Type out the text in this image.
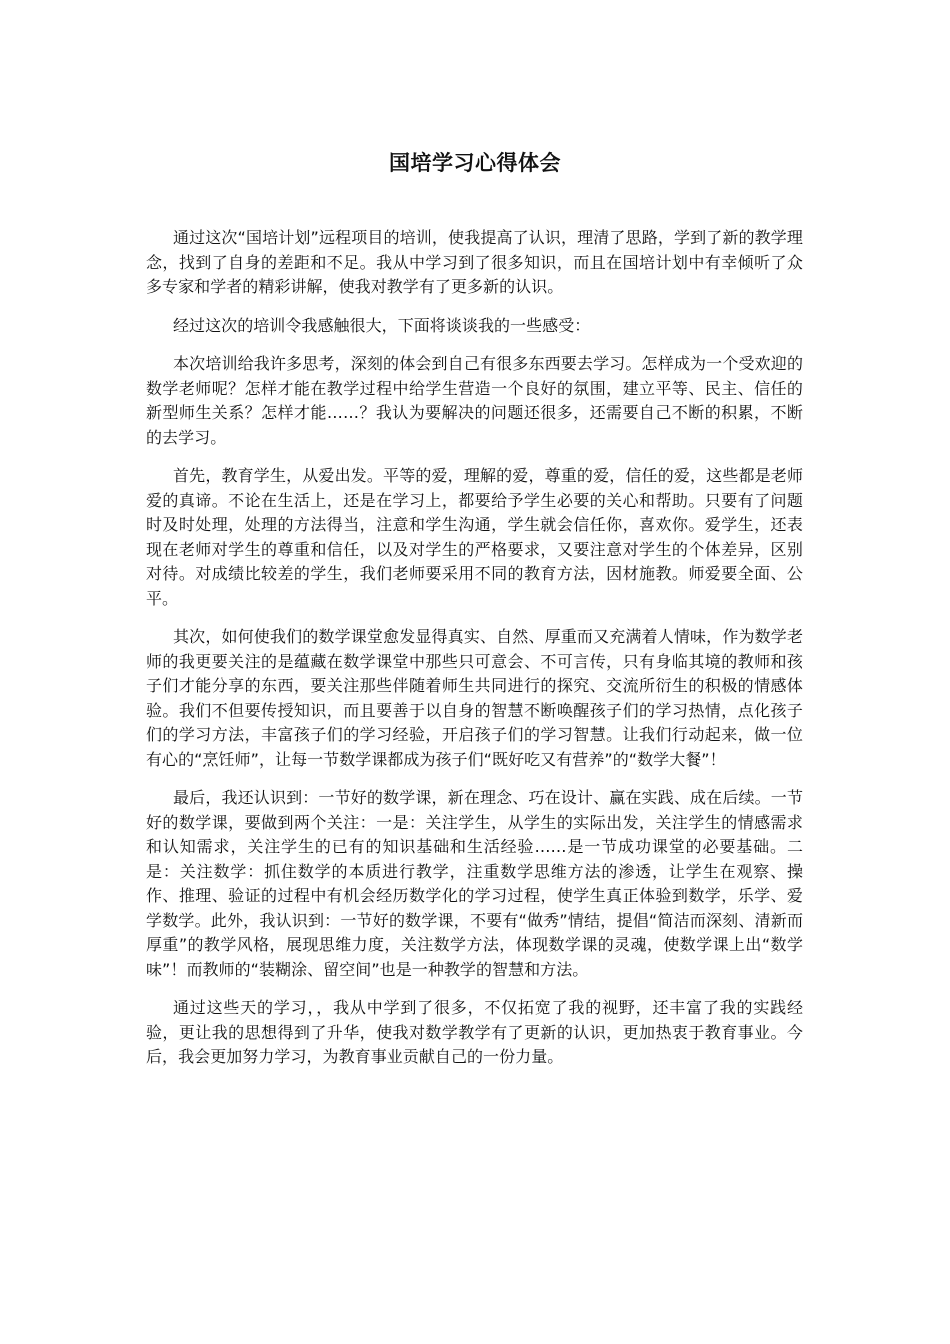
国培学习心得体会

通过这次“国培计划”远程项目的培训，使我提高了认识，理清了思路，学到了新的教学理念，找到了自身的差距和不足。我从中学习到了很多知识，而且在国培计划中有幸倾听了众多专家和学者的精彩讲解，使我对教学有了更多新的认识。

经过这次的培训令我感触很大，下面将谈谈我的一些感受：

本次培训给我许多思考，深刻的体会到自己有很多东西要去学习。怎样成为一个受欢迎的数学老师呢？怎样才能在教学过程中给学生营造一个良好的氛围，建立平等、民主、信任的新型师生关系？怎样才能……？我认为要解决的问题还很多，还需要自己不断的积累，不断的去学习。

首先，教育学生，从爱出发。平等的爱，理解的爱，尊重的爱，信任的爱，这些都是老师爱的真谛。不论在生活上，还是在学习上，都要给予学生必要的关心和帮助。只要有了问题时及时处理，处理的方法得当，注意和学生沟通，学生就会信任你，喜欢你。爱学生，还表现在老师对学生的尊重和信任，以及对学生的严格要求，又要注意对学生的个体差异，区别对待。对成绩比较差的学生，我们老师要采用不同的教育方法，因材施教。师爱要全面、公平。

其次，如何使我们的数学课堂愈发显得真实、自然、厚重而又充满着人情味，作为数学老师的我更要关注的是蕴藏在数学课堂中那些只可意会、不可言传，只有身临其境的教师和孩子们才能分享的东西，要关注那些伴随着师生共同进行的探究、交流所衍生的积极的情感体验。我们不但要传授知识，而且要善于以自身的智慧不断唤醒孩子们的学习热情，点化孩子们的学习方法，丰富孩子们的学习经验，开启孩子们的学习智慧。让我们行动起来，做一位有心的“烹饪师”，让每一节数学课都成为孩子们“既好吃又有营养”的“数学大餐”！

最后，我还认识到：一节好的数学课，新在理念、巧在设计、赢在实践、成在后续。一节好的数学课，要做到两个关注：一是：关注学生，从学生的实际出发，关注学生的情感需求和认知需求，关注学生的已有的知识基础和生活经验……是一节成功课堂的必要基础。二是：关注数学：抓住数学的本质进行教学，注重数学思维方法的渗透，让学生在观察、操作、推理、验证的过程中有机会经历数学化的学习过程，使学生真正体验到数学，乐学、爱学数学。此外，我认识到：一节好的数学课，不要有“做秀”情结，提倡“简洁而深刻、清新而厚重”的教学风格，展现思维力度，关注数学方法，体现数学课的灵魂，使数学课上出“数学味”！而教师的“装糊涂、留空间”也是一种教学的智慧和方法。

通过这些天的学习，，我从中学到了很多，不仅拓宽了我的视野，还丰富了我的实践经验，更让我的思想得到了升华，使我对数学教学有了更新的认识，更加热衷于教育事业。今后，我会更加努力学习，为教育事业贡献自己的一份力量。
